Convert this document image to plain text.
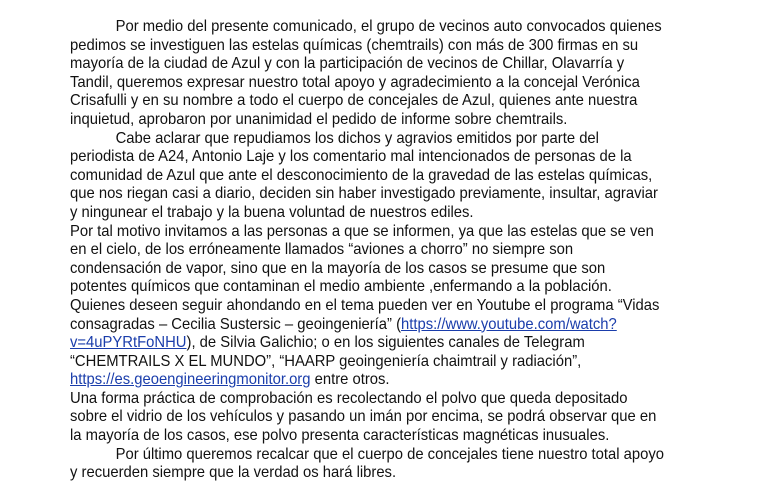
Por medio del presente comunicado, el grupo de vecinos auto convocados quienes
pedimos se investiguen las estelas químicas (chemtrails) con más de 300 firmas en su
mayoría de la ciudad de Azul y con la participación de vecinos de Chillar, Olavarría y
Tandil, queremos expresar nuestro total apoyo y agradecimiento a la concejal Verónica
Crisafulli y en su nombre a todo el cuerpo de concejales de Azul, quienes ante nuestra
inquietud, aprobaron por unanimidad el pedido de informe sobre chemtrails.
Cabe aclarar que repudiamos los dichos y agravios emitidos por parte del
periodista de A24, Antonio Laje y los comentario mal intencionados de personas de la
comunidad de Azul que ante el desconocimiento de la gravedad de las estelas químicas,
que nos riegan casi a diario, deciden sin haber investigado previamente, insultar, agraviar
y ningunear el trabajo y la buena voluntad de nuestros ediles.
Por tal motivo invitamos a las personas a que se informen, ya que las estelas que se ven
en el cielo, de los erróneamente llamados “aviones a chorro” no siempre son
condensación de vapor, sino que en la mayoría de los casos se presume que son
potentes químicos que contaminan el medio ambiente ,enfermando a la población.
Quienes deseen seguir ahondando en el tema pueden ver en Youtube el programa “Vidas
consagradas – Cecilia Sustersic – geoingeniería” (https://www.youtube.com/watch?
v=4uPYRtFoNHU), de Silvia Galichio; o en los siguientes canales de Telegram
“CHEMTRAILS X EL MUNDO”, “HAARP geoingeniería chaimtrail y radiación”,
https://es.geoengineeringmonitor.org entre otros.
Una forma práctica de comprobación es recolectando el polvo que queda depositado
sobre el vidrio de los vehículos y pasando un imán por encima, se podrá observar que en
la mayoría de los casos, ese polvo presenta características magnéticas inusuales.
Por último queremos recalcar que el cuerpo de concejales tiene nuestro total apoyo
y recuerden siempre que la verdad os hará libres.
